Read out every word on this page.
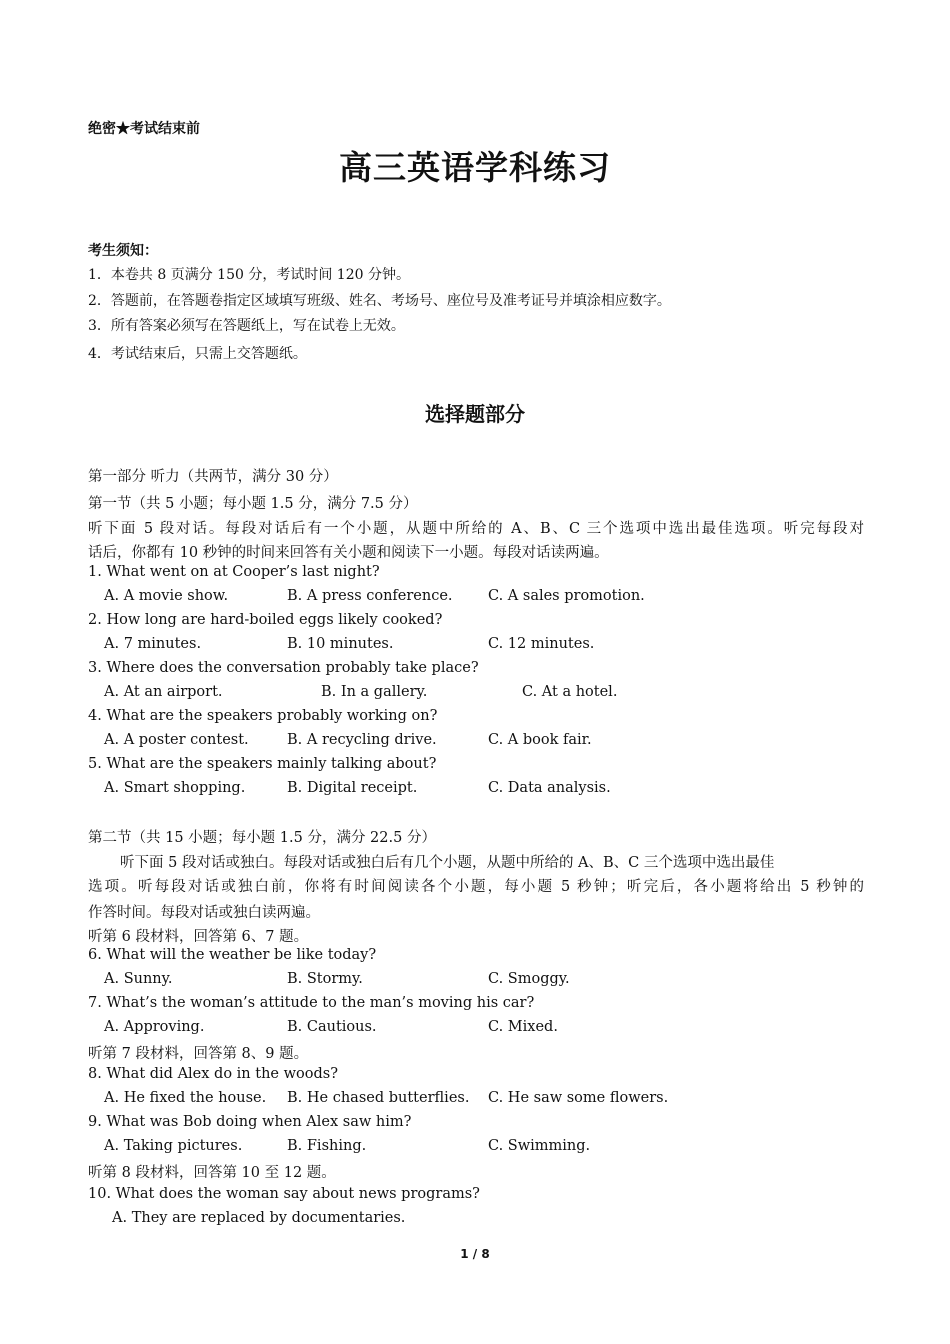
绝密★考试结束前
高三英语学科练习
考生须知：
1．本卷共 8 页满分 150 分，考试时间 120 分钟。
2．答题前，在答题卷指定区域填写班级、姓名、考场号、座位号及准考证号并填涂相应数字。
3．所有答案必须写在答题纸上，写在试卷上无效。
4．考试结束后，只需上交答题纸。
选择题部分
第一部分 听力（共两节，满分 30 分）
第一节（共 5 小题；每小题 1.5 分，满分 7.5 分）
听下面 5 段对话。每段对话后有一个小题，从题中所给的 A、B、C 三个选项中选出最佳选项。听完每段对
话后，你都有 10 秒钟的时间来回答有关小题和阅读下一小题。每段对话读两遍。
1. What went on at Cooper’s last night?
A. A movie show.	B. A press conference. C. A sales promotion.
2. How long are hard-boiled eggs likely cooked?
A. 7 minutes.	B. 10 minutes.	C. 12 minutes.
3. Where does the conversation probably take place?
A. At an airport.	B. In a gallery.	C. At a hotel.
4. What are the speakers probably working on?
A. A poster contest.	B. A recycling drive.	C. A book fair.
5. What are the speakers mainly talking about?
A. Smart shopping.	B. Digital receipt.	C. Data analysis.
第二节（共 15 小题；每小题 1.5 分，满分 22.5 分）
听下面 5 段对话或独白。每段对话或独白后有几个小题，从题中所给的 A、B、C 三个选项中选出最佳
选项。听每段对话或独白前，你将有时间阅读各个小题，每小题 5 秒钟；听完后，各小题将给出 5 秒钟的
作答时间。每段对话或独白读两遍。
听第 6 段材料，回答第 6、7 题。
6. What will the weather be like today?
A. Sunny.	B. Stormy.	C. Smoggy.
7. What’s the woman’s attitude to the man’s moving his car?
A. Approving.	B. Cautious.	C. Mixed.
听第 7 段材料，回答第 8、9 题。
8. What did Alex do in the woods?
A. He fixed the house. B. He chased butterflies. C. He saw some flowers.
9. What was Bob doing when Alex saw him?
A. Taking pictures.	B. Fishing.	C. Swimming.
听第 8 段材料，回答第 10 至 12 题。
10. What does the woman say about news programs?
A. They are replaced by documentaries.
1 / 8
